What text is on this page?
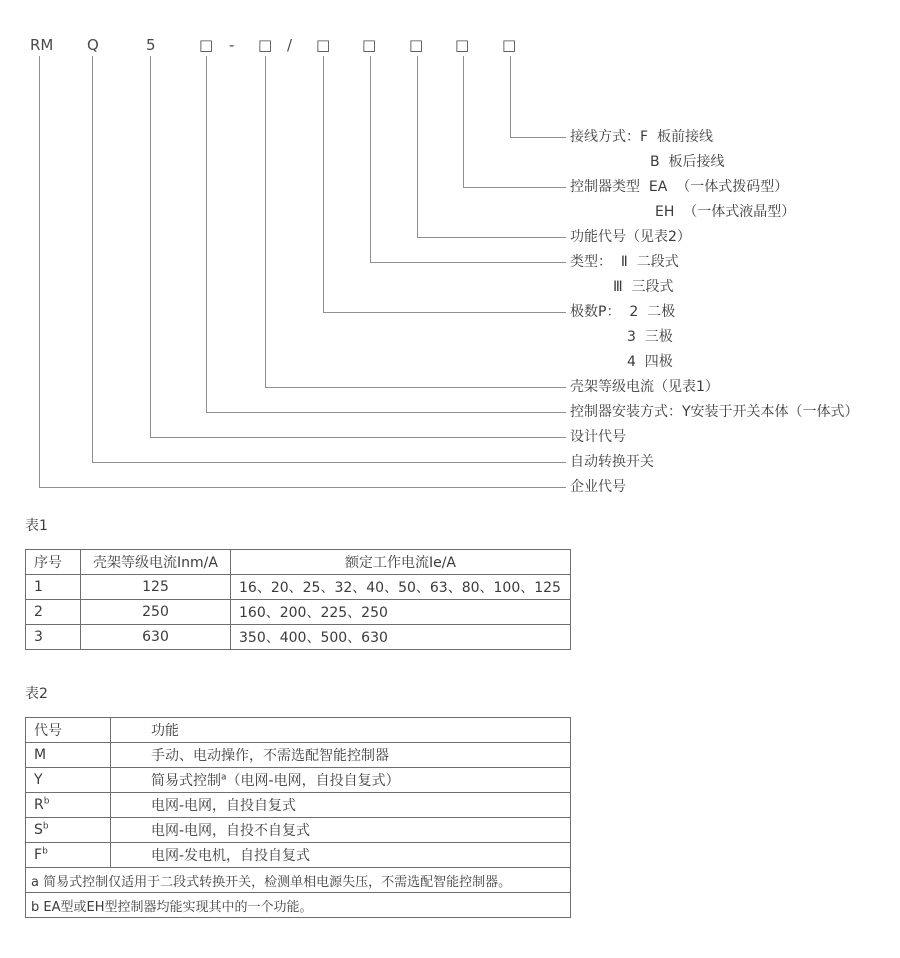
RM Q	5	□ - □ / □ □ □ □ □
接线方式：F  板前接线
B  板后接线
控制器类型  EA  （一体式拨码型）
EH  （一体式液晶型）
功能代号（见表2）
类型：  Ⅱ  二段式
Ⅲ  三段式
极数P：  2  二极
3  三极
4  四极
壳架等级电流（见表1）
控制器安装方式：Y安装于开关本体（一体式）
设计代号
自动转换开关
企业代号
表1
序号	壳架等级电流Inm/A	额定工作电流Ie/A
1	125	16、20、25、32、40、50、63、80、100、125
2	250	160、200、225、250
3	630	350、400、500、630
表2
代号	功能
M	手动、电动操作，不需选配智能控制器
Y	简易式控制$^a$（电网-电网，自投自复式）
$R^b$	电网-电网，自投自复式
$S^b$	电网-电网，自投不自复式
$F^b$	电网-发电机，自投自复式
a 简易式控制仅适用于二段式转换开关，检测单相电源失压，不需选配智能控制器。	
b EA型或EH型控制器均能实现其中的一个功能。	
